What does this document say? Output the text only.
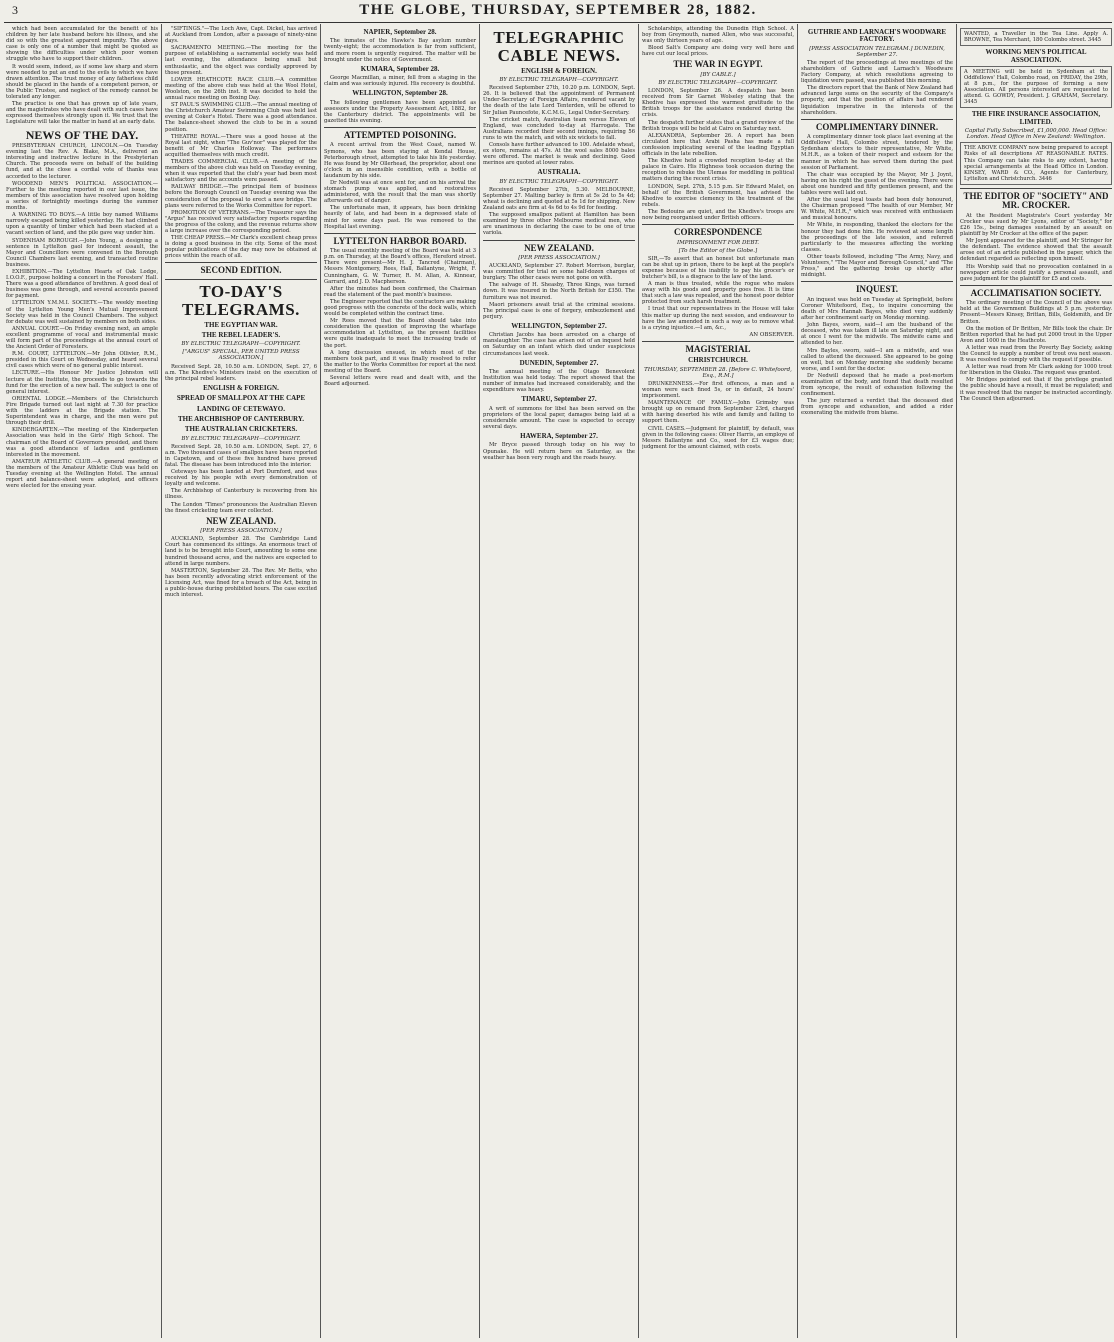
3	THE GLOBE, THURSDAY, SEPTEMBER 28, 1882.

which had been accumulated for the benefit of his children by her late husband before his illness, and she did so with the greatest apparent impunity. The above case is only one of a number that might be quoted as showing the difficulties under which poor women struggle who have to support their children.

It would seem, indeed, as if some law sharp and stern were needed to put an end to the evils to which we have drawn attention. The trust money of any fatherless child should be placed in the hands of a competent person, or the Public Trustee, and neglect of the remedy cannot be tolerated any longer.

The practice is one that has grown up of late years, and the magistrates who have dealt with such cases have expressed themselves strongly upon it. We trust that the Legislature will take the matter in hand at an early date.

NEWS OF THE DAY.

PRESBYTERIAN CHURCH, LINCOLN.—On Tuesday evening last the Rev. A. Blake, M.A., delivered an interesting and instructive lecture in the Presbyterian Church. The proceeds were on behalf of the building fund, and at the close a cordial vote of thanks was accorded to the lecturer.

WOODEND MEN'S POLITICAL ASSOCIATION.—Further to the meeting reported in our last issue, the members of this association have resolved upon holding a series of fortnightly meetings during the summer months.

A WARNING TO BOYS.—A little boy named Williams narrowly escaped being killed yesterday. He had climbed upon a quantity of timber which had been stacked at a vacant section of land, and the pile gave way under him.

SYDENHAM BOROUGH.—John Young, a designing a sentence in Lyttelton gaol for indecent assault, the Mayor and Councillors were convened in the Borough Council Chambers last evening, and transacted routine business.

EXHIBITION.—The Lyttelton Hearts of Oak Lodge, I.O.O.F., purpose holding a concert in the Foresters' Hall. There was a good attendance of brethren. A good deal of business was gone through, and several accounts passed for payment.

LYTTELTON Y.M.M.I. SOCIETY.—The weekly meeting of the Lyttelton Young Men's Mutual Improvement Society was held in the Council Chambers. The subject for debate was well sustained by members on both sides.

ANNUAL COURT.—On Friday evening next, an ample excellent programme of vocal and instrumental music will form part of the proceedings at the annual court of the Ancient Order of Foresters.

R.M. COURT, LYTTELTON.—Mr John Ollivier, R.M., presided in this Court on Wednesday, and heard several civil cases which were of no general public interest.

LECTURE.—His Honour Mr Justice Johnston will lecture at the Institute, the proceeds to go towards the fund for the erection of a new hall. The subject is one of general interest.

ORIENTAL LODGE.—Members of the Christchurch Fire Brigade turned out last night at 7.30 for practice with the ladders at the Brigade station. The Superintendent was in charge, and the men were put through their drill.

KINDERGARTEN.—The meeting of the Kindergarten Association was held in the Girls' High School. The chairman of the Board of Governors presided, and there was a good attendance of ladies and gentlemen interested in the movement.

AMATEUR ATHLETIC CLUB.—A general meeting of the members of the Amateur Athletic Club was held on Tuesday evening at the Wellington Hotel. The annual report and balance-sheet were adopted, and officers were elected for the ensuing year.

"SIFTINGS."—The Loch Awe, Capt. Dickel, has arrived at Auckland from London, after a passage of ninety-nine days.

SACRAMENTO MEETING.—The meeting for the purpose of establishing a sacramental society was held last evening, the attendance being small but enthusiastic, and the object was cordially approved by those present.

LOWER HEATHCOTE RACE CLUB.—A committee meeting of the above club was held at the Wool Hotel, Woolston, on the 26th inst. It was decided to hold the annual race meeting on Boxing Day.

ST PAUL'S SWIMMING CLUB.—The annual meeting of the Christchurch Amateur Swimming Club was held last evening at Coker's Hotel. There was a good attendance. The balance-sheet showed the club to be in a sound position.

THEATRE ROYAL.—There was a good house at the Royal last night, when "The Guv'nor" was played for the benefit of Mr Charles Holloway. The performers acquitted themselves with much credit.

TRADES COMMERCIAL CLUB.—A meeting of the members of the above club was held on Tuesday evening, when it was reported that the club's year had been most satisfactory and the accounts were passed.

RAILWAY BRIDGE.—The principal item of business before the Borough Council on Tuesday evening was the consideration of the proposal to erect a new bridge. The plans were referred to the Works Committee for report.

PROMOTION OF VETERANS.—The Treasurer says the "Argus" has received very satisfactory reports regarding the progress of the colony, and the revenue returns show a large increase over the corresponding period.

THE CHEAP PRESS.—Mr Clark's excellent cheap press is doing a good business in the city. Some of the most popular publications of the day may now be obtained at prices within the reach of all.

SECOND EDITION.
TO-DAY'S TELEGRAMS.
THE EGYPTIAN WAR.
THE REBEL LEADER'S.
BY ELECTRIC TELEGRAPH—COPYRIGHT.
["ARGUS" SPECIAL, PER UNITED PRESS ASSOCIATION.]

Received Sept. 28, 10.50 a.m. LONDON, Sept. 27, 6 a.m. The Khedive's Ministers insist on the execution of the principal rebel leaders.

ENGLISH & FOREIGN.
SPREAD OF SMALLPOX AT THE CAPE
LANDING OF CETEWAYO.
THE ARCHBISHOP OF CANTERBURY.
THE AUSTRALIAN CRICKETERS.
BY ELECTRIC TELEGRAPH—COPYRIGHT.

Received Sept. 28, 10.50 a.m. LONDON, Sept. 27, 6 a.m. Two thousand cases of smallpox have been reported in Capetown, and of these five hundred have proved fatal. The disease has been introduced into the interior.

Cetewayo has been landed at Port Durnford, and was received by his people with every demonstration of loyalty and welcome.

The Archbishop of Canterbury is recovering from his illness.

The London "Times" pronounces the Australian Eleven the finest cricketing team ever collected.

NEW ZEALAND.
[PER PRESS ASSOCIATION.]

AUCKLAND, September 28. The Cambridge Land Court has commenced its sittings. An enormous tract of land is to be brought into Court, amounting to some one hundred thousand acres, and the natives are expected to attend in large numbers.

MASTERTON, September 28. The Rev. Mr Betts, who has been recently advocating strict enforcement of the Licensing Act, was fined for a breach of the Act, being in a public-house during prohibited hours. The case excited much interest.

NAPIER, September 28.

The inmates of the Hawke's Bay asylum number twenty-eight; the accommodation is far from sufficient, and more room is urgently required. The matter will be brought under the notice of Government.

KUMARA, September 28.

George Macmillan, a miner, fell from a staging in the claim and was seriously injured. His recovery is doubtful.

WELLINGTON, September 28.

The following gentlemen have been appointed as assessors under the Property Assessment Act, 1882, for the Canterbury district. The appointments will be gazetted this evening.

ATTEMPTED POISONING.

A recent arrival from the West Coast, named W. Symons, who has been staying at Kendal House, Peterborough street, attempted to take his life yesterday. He was found by Mr Ollerhead, the proprietor, about one o'clock in an insensible condition, with a bottle of laudanum by his side.

Dr Nedwill was at once sent for, and on his arrival the stomach pump was applied, and restoratives administered, with the result that the man was shortly afterwards out of danger.

The unfortunate man, it appears, has been drinking heavily of late, and had been in a depressed state of mind for some days past. He was removed to the Hospital last evening.

LYTTELTON HARBOR BOARD.

The usual monthly meeting of the Board was held at 3 p.m. on Thursday, at the Board's offices, Hereford street. There were present—Mr H. J. Tancred (Chairman), Messrs Montgomery, Rees, Hall, Ballantyne, Wright, F. Cunningham, G. W. Turner, R. M. Allan, A. Kinnear, Garrard, and J. D. Macpherson.

After the minutes had been confirmed, the Chairman read the statement of the past month's business.

The Engineer reported that the contractors are making good progress with the concrete of the dock walls, which would be completed within the contract time.

Mr Rees moved that the Board should take into consideration the question of improving the wharfage accommodation at Lyttelton, as the present facilities were quite inadequate to meet the increasing trade of the port.

A long discussion ensued, in which most of the members took part, and it was finally resolved to refer the matter to the Works Committee for report at the next meeting of the Board.

Several letters were read and dealt with, and the Board adjourned.

TELEGRAPHIC CABLE NEWS.
ENGLISH & FOREIGN.
BY ELECTRIC TELEGRAPH—COPYRIGHT.

Received September 27th, 10.20 p.m. LONDON, Sept. 26. It is believed that the appointment of Permanent Under-Secretary of Foreign Affairs, rendered vacant by the death of the late Lord Tenterden, will be offered to Sir Julian Pauncefote, K.C.M.G., Legal Under-Secretary.

The cricket match, Australian team versus Eleven of England, was concluded to-day at Harrogate. The Australians recorded their second innings, requiring 56 runs to win the match, and with six wickets to fall.

Consols have further advanced to 100. Adelaide wheat, ex store, remains at 47s. At the wool sales 8000 bales were offered. The market is weak and declining. Good merinos are quoted at lower rates.

AUSTRALIA.
BY ELECTRIC TELEGRAPH—COPYRIGHT.

Received September 27th, 5.30. MELBOURNE, September 27. Malting barley is firm at 5s 2d to 5s 4d; wheat is declining and quoted at 5s 1d for shipping. New Zealand oats are firm at 4s 6d to 4s 9d for feeding.

The supposed smallpox patient at Hamilton has been examined by three other Melbourne medical men, who are unanimous in declaring the case to be one of true variola.

NEW ZEALAND.
[PER PRESS ASSOCIATION.]

AUCKLAND, September 27. Robert Morrison, burglar, was committed for trial on some half-dozen charges of burglary. The other cases were not gone on with.

The salvage of H. Sheasby, Three Kings, was turned down. It was insured in the North British for £350. The furniture was not insured.

Maori prisoners await trial at the criminal sessions. The principal case is one of forgery, embezzlement and perjury.

WELLINGTON, September 27.

Christian Jacobs has been arrested on a charge of manslaughter. The case has arisen out of an inquest held on Saturday on an infant which died under suspicious circumstances last week.

DUNEDIN, September 27.

The annual meeting of the Otago Benevolent Institution was held today. The report showed that the number of inmates had increased considerably, and the expenditure was heavy.

TIMARU, September 27.

A writ of summons for libel has been served on the proprietors of the local paper, damages being laid at a considerable amount. The case is expected to occupy several days.

HAWERA, September 27.

Mr Bryce passed through today on his way to Opunake. He will return here on Saturday, as the weather has been very rough and the roads heavy.

Scholarships, attending the Dunedin High School. A boy from Greymouth, named Allen, who was successful, was only thirteen years of age.

Blood Salt's Company are doing very well here and have cut our local prices.

THE WAR IN EGYPT.
[BY CABLE.]
BY ELECTRIC TELEGRAPH—COPYRIGHT.

LONDON, September 26. A despatch has been received from Sir Garnet Wolseley stating that the Khedive has expressed the warmest gratitude to the British troops for the assistance rendered during the crisis.

The despatch further states that a grand review of the British troops will be held at Cairo on Saturday next.

ALEXANDRIA, September 26. A report has been circulated here that Arabi Pasha has made a full confession implicating several of the leading Egyptian officials in the late rebellion.

The Khedive held a crowded reception to-day at the palace in Cairo. His Highness took occasion during the reception to rebuke the Ulemas for meddling in political matters during the recent crisis.

LONDON, Sept. 27th, 5.15 p.m. Sir Edward Malet, on behalf of the British Government, has advised the Khedive to exercise clemency in the treatment of the rebels.

The Bedouins are quiet, and the Khedive's troops are now being reorganised under British officers.

CORRESPONDENCE
IMPRISONMENT FOR DEBT.
[To the Editor of the Globe.]

SIR,—To assert that an honest but unfortunate man can be shut up in prison, there to be kept at the people's expense because of his inability to pay his grocer's or butcher's bill, is a disgrace to the law of the land.

A man is thus treated, while the rogue who makes away with his goods and property goes free. It is time that such a law was repealed, and the honest poor debtor protected from such harsh treatment.

I trust that our representatives in the House will take this matter up during the next session, and endeavour to have the law amended in such a way as to remove what is a crying injustice.—I am, &c.,

AN OBSERVER.
MAGISTERIAL
CHRISTCHURCH.
THURSDAY, SEPTEMBER 28. [Before C. Whitefoord, Esq., R.M.]

DRUNKENNESS.—For first offences, a man and a woman were each fined 5s, or in default, 24 hours' imprisonment.

MAINTENANCE OF FAMILY.—John Grimsby was brought up on remand from September 23rd, charged with having deserted his wife and family and failing to support them.

CIVIL CASES.—Judgment for plaintiff, by default, was given in the following cases: Oliver Harris, an employe of Messrs Ballantyne and Co., sued for £3 wages due; judgment for the amount claimed, with costs.

GUTHRIE AND LARNACH'S WOODWARE FACTORY.
[PRESS ASSOCIATION TELEGRAM.] DUNEDIN, September 27.

The report of the proceedings at two meetings of the shareholders of Guthrie and Larnach's Woodware Factory Company, at which resolutions agreeing to liquidation were passed, was published this morning.

The directors report that the Bank of New Zealand had advanced large sums on the security of the Company's property, and that the position of affairs had rendered liquidation imperative in the interests of the shareholders.

COMPLIMENTARY DINNER.

A complimentary dinner took place last evening at the Oddfellows' Hall, Colombo street, tendered by the Sydenham electors to their representative, Mr White, M.H.R., as a token of their respect and esteem for the manner in which he has served them during the past session of Parliament.

The chair was occupied by the Mayor, Mr J. Joynt, having on his right the guest of the evening. There were about one hundred and fifty gentlemen present, and the tables were well laid out.

After the usual loyal toasts had been duly honoured, the Chairman proposed "The health of our Member, Mr W. White, M.H.R.," which was received with enthusiasm and musical honours.

Mr White, in responding, thanked the electors for the honour they had done him. He reviewed at some length the proceedings of the late session, and referred particularly to the measures affecting the working classes.

Other toasts followed, including "The Army, Navy, and Volunteers," "The Mayor and Borough Council," and "The Press," and the gathering broke up shortly after midnight.

INQUEST.

An inquest was held on Tuesday at Springfield, before Coroner Whitefoord, Esq., to inquire concerning the death of Mrs Hannah Bayes, who died very suddenly after her confinement early on Monday morning.

John Bayes, sworn, said—I am the husband of the deceased, who was taken ill late on Saturday night, and at once I went for the midwife. The midwife came and attended to her.

Mrs Bayles, sworn, said—I am a midwife, and was called to attend the deceased. She appeared to be going on well, but on Monday morning she suddenly became worse, and I sent for the doctor.

Dr Nedwill deposed that he made a post-mortem examination of the body, and found that death resulted from syncope, the result of exhaustion following the confinement.

The jury returned a verdict that the deceased died from syncope and exhaustion, and added a rider exonerating the midwife from blame.

WANTED, a Traveller in the Tea Line. Apply A. BROWNE, Tea Merchant, 180 Colombo street. 3445
WORKING MEN'S POLITICAL ASSOCIATION.
A MEETING will be held in Sydenham at the Oddfellows' Hall, Colombo road, on FRIDAY, the 29th, at 8 p.m., for the purpose of forming a new Association. All persons interested are requested to attend. G. GOWDY, President. J. GRAHAM, Secretary. 3445
THE FIRE INSURANCE ASSOCIATION, LIMITED.
Capital Fully Subscribed, £1,000,000. Head Office: London. Head Office in New Zealand: Wellington.
THE ABOVE COMPANY now being prepared to accept Risks of all descriptions AT REASONABLE RATES. This Company can take risks to any extent, having special arrangements at the Head Office in London. KINSEY, WARD & CO., Agents for Canterbury, Lyttelton and Christchurch. 3446
THE EDITOR OF "SOCIETY" AND MR. CROCKER.

At the Resident Magistrate's Court yesterday Mr Crocker was sued by Mr Lyons, editor of "Society," for £26 15s., being damages sustained by an assault on plaintiff by Mr Crocker at the office of the paper.

Mr Joynt appeared for the plaintiff, and Mr Stringer for the defendant. The evidence showed that the assault arose out of an article published in the paper, which the defendant regarded as reflecting upon himself.

His Worship said that no provocation contained in a newspaper article could justify a personal assault, and gave judgment for the plaintiff for £5 and costs.

ACCLIMATISATION SOCIETY.

The ordinary meeting of the Council of the above was held at the Government Buildings at 5 p.m. yesterday. Present—Messrs Kinsey, Brittan, Bills, Goldsmith, and Dr Britten.

On the motion of Dr Britten, Mr Bills took the chair. Dr Britten reported that he had put 2000 trout in the Upper Avon and 1000 in the Heathcote.

A letter was read from the Poverty Bay Society, asking the Council to supply a number of trout ova next season. It was resolved to comply with the request if possible.

A letter was read from Mr Clark asking for 1000 trout for liberation in the Okuku. The request was granted.

Mr Bridges pointed out that if the privilege granted the public should have a result, it must be regulated; and it was resolved that the ranger be instructed accordingly. The Council then adjourned.
